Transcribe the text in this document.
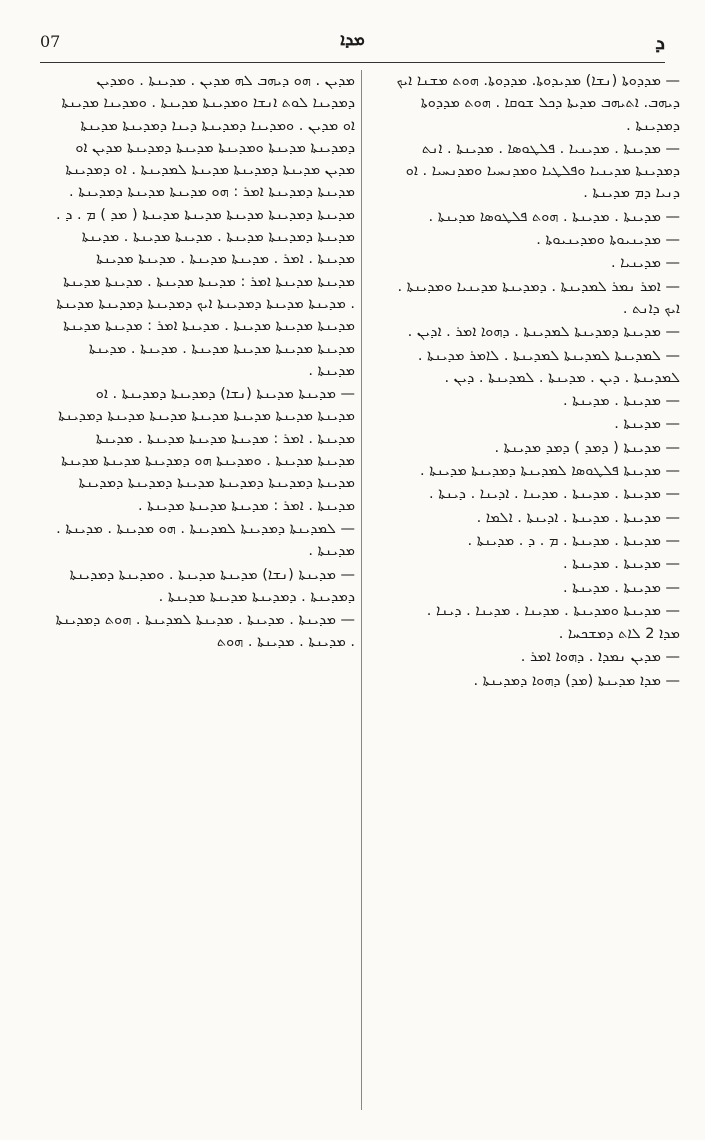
07	ܡܕܐ	ܕ

— ܡܕܕܘܬܐ (ܢܫܐ) ܡܕܝܕܘܬܐ. ܡܕܕܘܬܐ. ܗܘܬ ܡܫܢܐ ܐܝܟ ܕܝܗܒ. ܐܬܝܗܒ ܡܕܝܬܐ ܕܟܠ ܫܘܩܐ . ܗܘܬ ܡܕܕܘܬܐ ܕܡܕܝܢܬܐ .

— ܡܕܝܢܬܐ . ܡܕܝܢܝܐ . ܦܠܛܘܣܐ . ܡܕܝܢܬܐ . ܐܢܬ ܕܡܕܝܢܬܐ ܡܕܝܢܝܐ ܘܦܠܛܝܐ ܘܡܕܢܚܝܐ ܘܡܕܢܚܝܐ . ܐܘ ܕܢܝܐ ܕܡ ܡܕܝܢܬܐ .

— ܡܕܝܢܬܐ . ܡܕܝܢܬܐ . ܗܘܬ ܦܠܛܘܣܐ ܡܕܝܢܬܐ .

— ܡܕܝܢܝܘܬܐ ܘܡܕܝܢܝܘܬܐ .

— ܡܕܝܢܝܐ .

— ܐܡܪ ܢܡܪ ܠܡܕܝܢܬܐ . ܕܡܕܝܢܬܐ ܡܕܝܢܝܐ ܘܡܕܝܢܬܐ . ܐܝܟ ܕܐܢܬ .

— ܡܕܝܢܬܐ ܕܡܕܝܢܬܐ ܠܡܕܝܢܬܐ . ܕܗܘܐ ܐܡܪ . ܐܕܝܢ .

— ܠܡܕܝܢܬܐ ܠܡܕܝܢܬܐ ܠܡܕܝܢܬܐ . ܠܐܡܪ ܡܕܝܢܬܐ . ܠܡܕܝܢܬܐ . ܕܝܢ . ܡܕܝܢܬܐ . ܠܡܕܝܢܬܐ . ܕܝܢ .

— ܡܕܝܢܬܐ . ܡܕܝܢܬܐ .

— ܡܕܝܢܬܐ .

— ܡܕܝܢܬܐ ( ܕܡܕ ) ܕܡܕ ܡܕܝܢܬܐ .

— ܡܕܝܢܬܐ ܦܠܛܘܣܐ ܠܡܕܝܢܬܐ ܕܡܕܝܢܬܐ ܡܕܝܢܬܐ .

— ܡܕܝܢܬܐ . ܡܕܝܢܬܐ . ܡܕܝܢܐ . ܐܕܝܢܐ . ܕܝܢܬܐ .

— ܡܕܝܢܬܐ . ܡܕܝܢܬܐ . ܐܕܝܢܬܐ . ܐܠܡܐ .

— ܡܕܝܢܬܐ . ܡܕܝܢܬܐ . ܡ . ܕ . ܡܕܝܢܬܐ .

— ܡܕܝܢܬܐ . ܡܕܝܢܬܐ .

— ܡܕܝܢܬܐ . ܡܕܝܢܬܐ .

— ܡܕܝܢܬܐ ܘܡܕܝܢܬܐ . ܡܕܝܢܐ . ܡܕܝܢܐ . ܕܝܢܐ .

ܡܕܐ 2 ܠܐܬ ܕܡܫܟܚܐ .

— ܡܕܝܢ ܢܡܕܐ . ܕܗܘܐ ܐܡܪ .

— ܡܕܐ ܡܕܝܢܬܐ (ܡܕ) ܕܗܘܐ ܕܡܕܝܢܬܐ .

ܡܕܝܢ . ܗܘ ܕܝܗܒ ܠܗ ܡܕܝܢ . ܡܕܝܢܬܐ . ܘܡܕܝܢ ܕܡܕܝܢܐ ܠܘܬ ܐܢܫܐ ܘܡܕܝܢܬܐ ܡܕܝܢܬܐ . ܘܡܕܝܢܐ ܡܕܝܢܬܐ ܐܘ ܡܕܝܢ . ܘܡܕܝܢܐ ܕܡܕܝܢܬܐ ܕܝܢܐ ܕܡܕܝܢܬܐ ܡܕܝܢܬܐ ܕܡܕܝܢܬܐ ܡܕܝܢܬܐ ܘܡܕܝܢܬܐ ܡܕܝܢܬܐ ܕܡܕܝܢܬܐ ܡܕܝܢ ܐܘ ܡܕܝܢ ܡܕܝܢܬܐ ܕܡܕܝܢܬܐ ܡܕܝܢܬܐ ܠܡܕܝܢܬܐ . ܐܘ ܕܡܕܝܢܬܐ ܡܕܝܢܬܐ ܕܡܕܝܢܬܐ ܐܡܪ : ܗܘ ܡܕܝܢܬܐ ܡܕܝܢܬܐ ܕܡܕܝܢܬܐ . ܡܕܝܢܬܐ ܕܡܕܝܢܬܐ ܡܕܝܢܬܐ ܡܕܝܢܬܐ ܡܕܝܢܬܐ ( ܡܕ ) ܡ . ܕ . ܡܕܝܢܬܐ ܕܡܕܝܢܬܐ ܡܕܝܢܬܐ . ܡܕܝܢܬܐ ܡܕܝܢܬܐ . ܡܕܝܢܬܐ ܡܕܝܢܬܐ . ܐܡܪ . ܡܕܝܢܬܐ ܡܕܝܢܬܐ . ܡܕܝܢܬܐ ܡܕܝܢܬܐ ܡܕܝܢܬܐ ܡܕܝܢܬܐ ܐܡܪ : ܡܕܝܢܬܐ ܡܕܝܢܬܐ . ܡܕܝܢܬܐ ܡܕܝܢܬܐ . ܡܕܝܢܬܐ ܡܕܝܢܬܐ ܕܡܕܝܢܬܐ ܐܝܟ ܕܡܕܝܢܬܐ ܕܡܕܝܢܬܐ ܡܕܝܢܬܐ ܡܕܝܢܬܐ ܡܕܝܢܬܐ ܡܕܝܢܬܐ . ܡܕܝܢܬܐ ܐܡܪ : ܡܕܝܢܬܐ ܡܕܝܢܬܐ ܡܕܝܢܬܐ ܡܕܝܢܬܐ ܡܕܝܢܬܐ ܡܕܝܢܬܐ . ܡܕܝܢܬܐ . ܡܕܝܢܬܐ ܡܕܝܢܬܐ .

— ܡܕܝܢܬܐ ܡܕܝܢܬܐ (ܢܫܐ) ܕܡܕܝܢܬܐ ܕܡܕܝܢܬܐ . ܐܘ ܡܕܝܢܬܐ ܡܕܝܢܬܐ ܡܕܝܢܬܐ ܡܕܝܢܬܐ ܡܕܝܢܬܐ ܡܕܝܢܬܐ ܕܡܕܝܢܬܐ ܡܕܝܢܬܐ . ܐܡܪ : ܡܕܝܢܬܐ ܡܕܝܢܬܐ ܡܕܝܢܬܐ . ܡܕܝܢܬܐ ܡܕܝܢܬܐ ܡܕܝܢܬܐ . ܘܡܕܝܢܬܐ ܗܘ ܕܡܕܝܢܬܐ ܡܕܝܢܬܐ ܡܕܝܢܬܐ ܡܕܝܢܬܐ ܕܡܕܝܢܬܐ ܕܡܕܝܢܬܐ ܡܕܝܢܬܐ ܕܡܕܝܢܬܐ ܕܡܕܝܢܬܐ ܡܕܝܢܬܐ . ܐܡܪ : ܡܕܝܢܬܐ ܡܕܝܢܬܐ ܡܕܝܢܬܐ .

— ܠܡܕܝܢܬܐ ܕܡܕܝܢܬܐ ܠܡܕܝܢܬܐ . ܗܘ ܡܕܝܢܬܐ . ܡܕܝܢܬܐ . ܡܕܝܢܬܐ .

— ܡܕܝܢܬܐ (ܢܫܐ) ܡܕܝܢܬܐ ܡܕܝܢܬܐ . ܘܡܕܝܢܬܐ ܕܡܕܝܢܬܐ ܕܡܕܝܢܬܐ . ܕܡܕܝܢܬܐ ܡܕܝܢܬܐ ܡܕܝܢܬܐ .

— ܡܕܝܢܬܐ . ܡܕܝܢܬܐ . ܡܕܝܢܬܐ ܠܡܕܝܢܬܐ . ܗܘܬ ܕܡܕܝܢܬܐ . ܡܕܝܢܬܐ . ܡܕܝܢܬܐ . ܗܘܬ
